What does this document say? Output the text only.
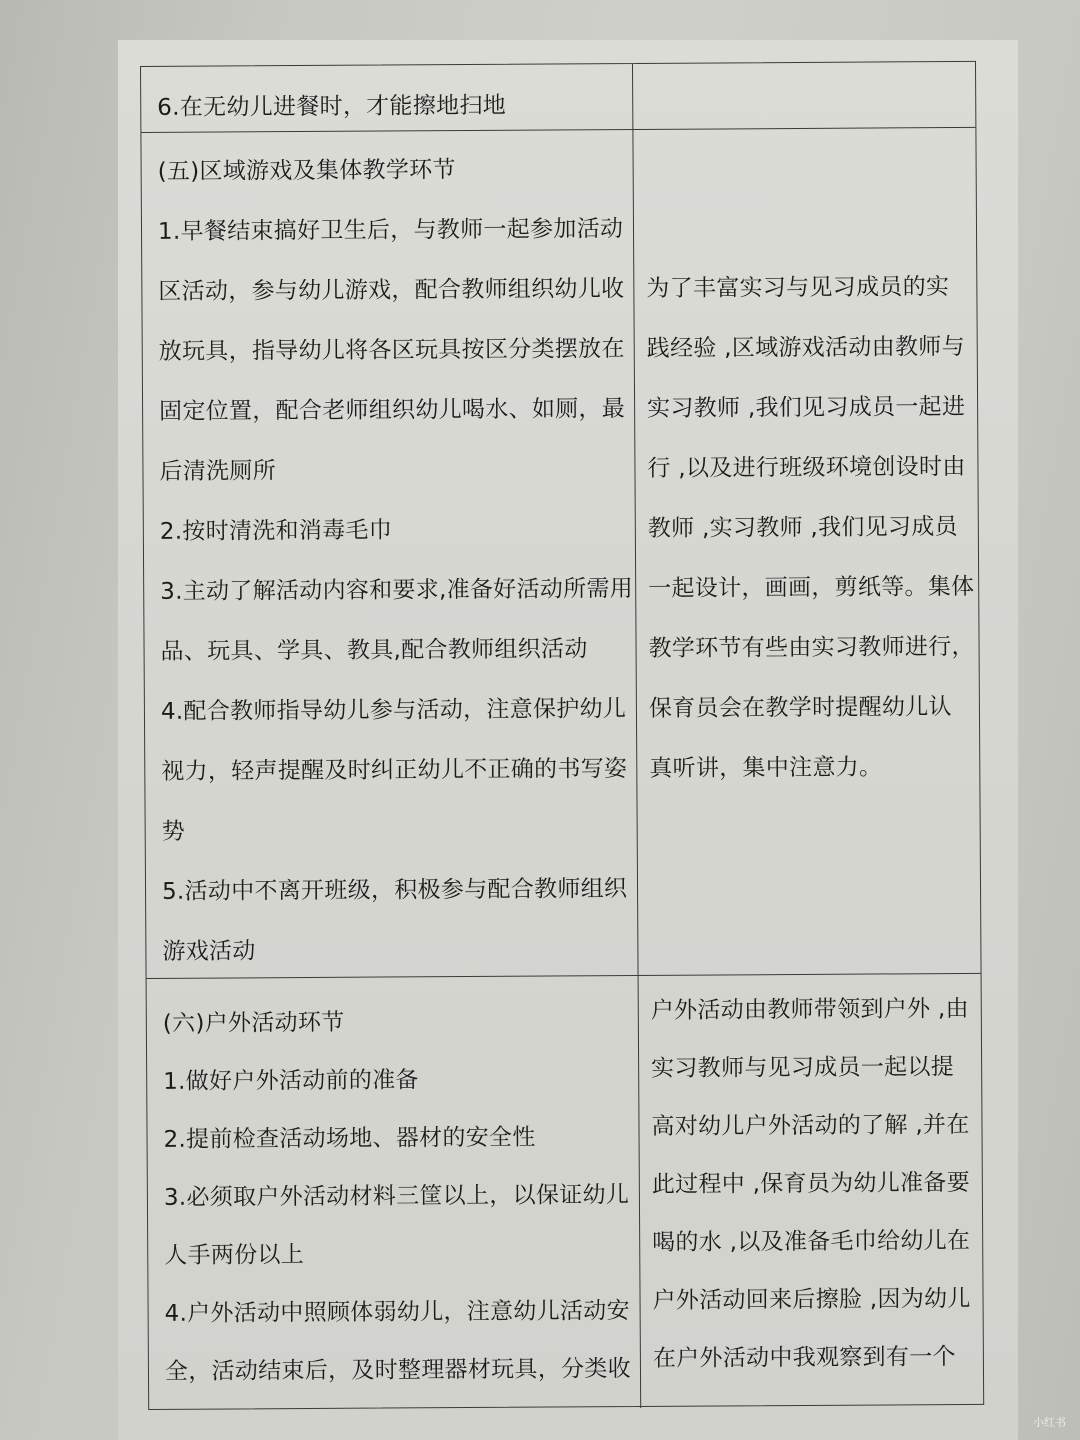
6.在无幼儿进餐时，才能擦地扫地
(五)区域游戏及集体教学环节
1.早餐结束搞好卫生后，与教师一起参加活动
区活动，参与幼儿游戏，配合教师组织幼儿收
放玩具，指导幼儿将各区玩具按区分类摆放在
固定位置，配合老师组织幼儿喝水、如厕，最
后清洗厕所
2.按时清洗和消毒毛巾
3.主动了解活动内容和要求,准备好活动所需用
品、玩具、学具、教具,配合教师组织活动
4.配合教师指导幼儿参与活动，注意保护幼儿
视力，轻声提醒及时纠正幼儿不正确的书写姿
势
5.活动中不离开班级，积极参与配合教师组织
游戏活动
为了丰富实习与见习成员的实
践经验 ,区域游戏活动由教师与
实习教师 ,我们见习成员一起进
行 ,以及进行班级环境创设时由
教师 ,实习教师 ,我们见习成员
一起设计，画画，剪纸等。集体
教学环节有些由实习教师进行，
保育员会在教学时提醒幼儿认
真听讲，集中注意力。
(六)户外活动环节
1.做好户外活动前的准备
2.提前检查活动场地、器材的安全性
3.必须取户外活动材料三筐以上，以保证幼儿
人手两份以上
4.户外活动中照顾体弱幼儿，注意幼儿活动安
全，活动结束后，及时整理器材玩具，分类收
户外活动由教师带领到户外 ,由
实习教师与见习成员一起以提
高对幼儿户外活动的了解 ,并在
此过程中 ,保育员为幼儿准备要
喝的水 ,以及准备毛巾给幼儿在
户外活动回来后擦脸 ,因为幼儿
在户外活动中我观察到有一个
小红书
